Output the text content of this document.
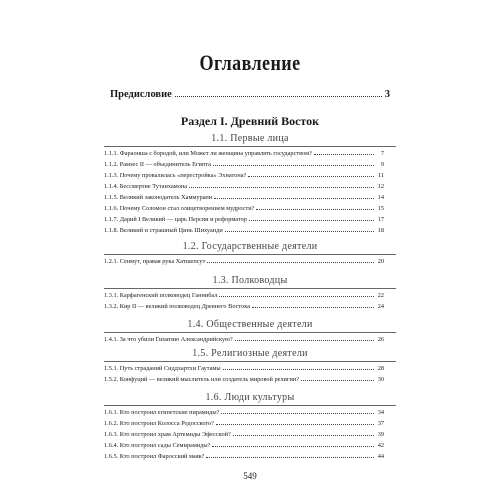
Оглавление
Предисловие	3
Раздел I. Древний Восток
1.1. Первые лица
1.1.1. Фараонша с бородой, или Может ли женщина управлять государством?	7
1.1.2. Рамзес II — объединитель Египта	9
1.1.3. Почему провалилась «перестройка» Эхнатона?	11
1.1.4. Бессмертие Тутанхамона	12
1.1.5. Великий законодатель Хаммурапи	14
1.1.6. Почему Соломон стал олицетворением мудрости?	15
1.1.7. Дарий I Великий — царь Персии и реформатор	17
1.1.8. Великий и страшный Цинь Шихуанди	18
1.2. Государственные деятели
1.2.1. Сенмут, правая рука Хатшепсут	20
1.3. Полководцы
1.3.1. Карфагенский полководец Ганнибал	22
1.3.2. Кир II — великий полководец Древнего Востока	24
1.4. Общественные деятели
1.4.1. За что убили Гипатию Александрийскую?	26
1.5. Религиозные деятели
1.5.1. Путь страданий Сиддхартхи Гаутамы	28
1.5.2. Конфуций — великий мыслитель или создатель мировой религии?	30
1.6. Люди культуры
1.6.1. Кто построил египетские пирамиды?	34
1.6.2. Кто построил Колосса Родосского?	37
1.6.3. Кто построил храм Артемиды Эфесской?	39
1.6.4. Кто построил сады Семирамиды?	42
1.6.5. Кто построил Фаросский маяк?	44
549
